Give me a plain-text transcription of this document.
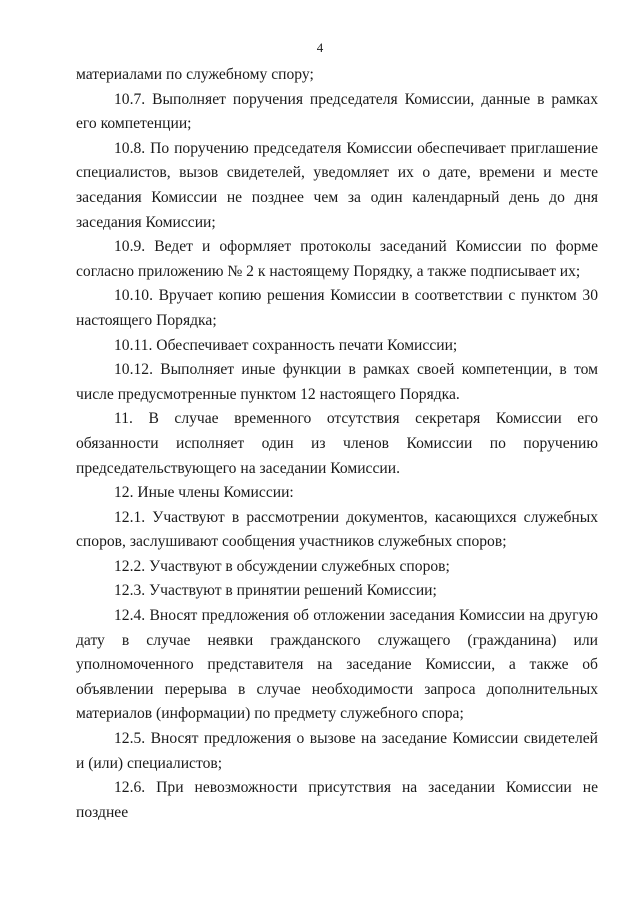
4

материалами по служебному спору;

10.7. Выполняет поручения председателя Комиссии, данные в рамках его компетенции;

10.8. По поручению председателя Комиссии обеспечивает приглашение специалистов, вызов свидетелей, уведомляет их о дате, времени и месте заседания Комиссии не позднее чем за один календарный день до дня заседания Комиссии;

10.9. Ведет и оформляет протоколы заседаний Комиссии по форме согласно приложению № 2 к настоящему Порядку, а также подписывает их;

10.10. Вручает копию решения Комиссии в соответствии с пунктом 30 настоящего Порядка;

10.11. Обеспечивает сохранность печати Комиссии;

10.12. Выполняет иные функции в рамках своей компетенции, в том числе предусмотренные пунктом 12 настоящего Порядка.

11. В случае временного отсутствия секретаря Комиссии его обязанности исполняет один из членов Комиссии по поручению председательствующего на заседании Комиссии.

12. Иные члены Комиссии:

12.1. Участвуют в рассмотрении документов, касающихся служебных споров, заслушивают сообщения участников служебных споров;

12.2. Участвуют в обсуждении служебных споров;

12.3. Участвуют в принятии решений Комиссии;

12.4. Вносят предложения об отложении заседания Комиссии на другую дату в случае неявки гражданского служащего (гражданина) или уполномоченного представителя на заседание Комиссии, а также об объявлении перерыва в случае необходимости запроса дополнительных материалов (информации) по предмету служебного спора;

12.5. Вносят предложения о вызове на заседание Комиссии свидетелей и (или) специалистов;

12.6. При невозможности присутствия на заседании Комиссии не позднее
